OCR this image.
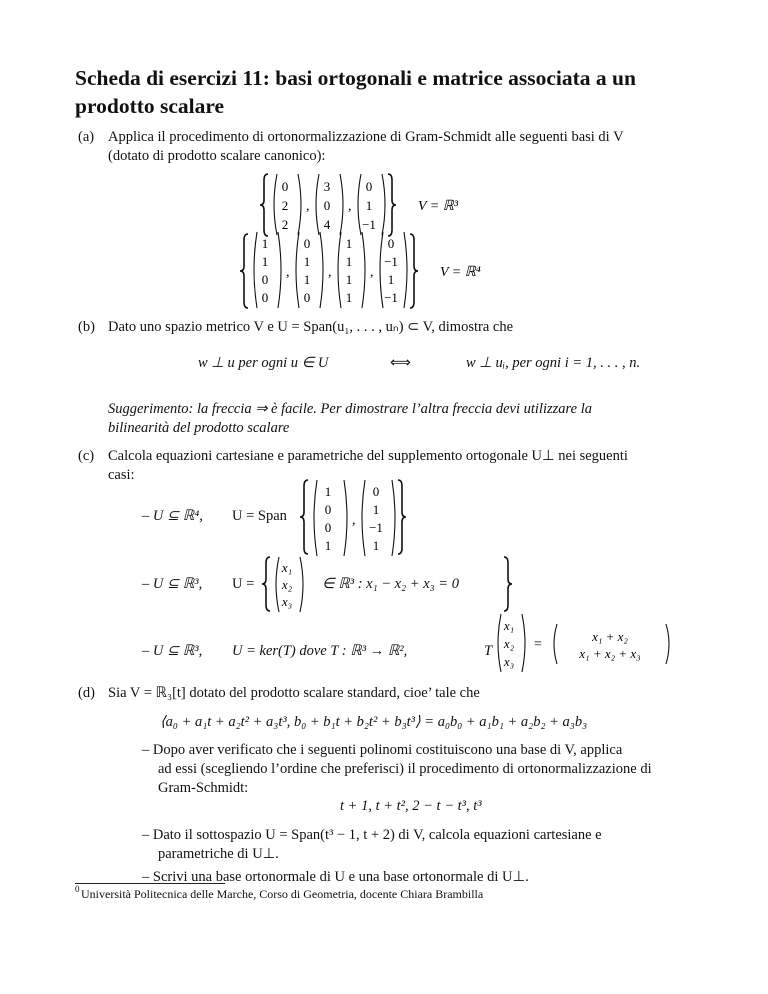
Scheda di esercizi 11: basi ortogonali e matrice associata a un prodotto scalare
(a) Applica il procedimento di ortonormalizzazione di Gram-Schmidt alle seguenti basi di V
(dotato di prodotto scalare canonico):
0
2
2
,
3
0
4
,
0
1
−1
V = ℝ³
1
1
0
0
,
0
1
1
0
,
1
1
1
1
,
0
−1
1
−1
V = ℝ⁴
(b) Dato uno spazio metrico V e U = Span(u₁, . . . , uₙ) ⊂ V, dimostra che
w ⊥ u per ogni u ∈ U	⟺	w ⊥ uᵢ, per ogni i = 1, . . . , n.
Suggerimento: la freccia ⇒ è facile. Per dimostrare l’altra freccia devi utilizzare la
bilinearità del prodotto scalare
(c) Calcola equazioni cartesiane e parametriche del supplemento ortogonale U⊥ nei seguenti
casi:
– U ⊆ ℝ⁴, U = Span
1
0
0
1
,
0
1
−1
1
– U ⊆ ℝ³, U =
x₁
x₂
x₃
∈ ℝ³ : x₁ − x₂ + x₃ = 0
– U ⊆ ℝ³, U = ker(T) dove T : ℝ³ → ℝ²,	T
x₁
x₂
x₃
=
x₁ + x₂
x₁ + x₂ + x₃
(d) Sia V = ℝ₃[t] dotato del prodotto scalare standard, cioe’ tale che
⟨a₀ + a₁t + a₂t² + a₃t³, b₀ + b₁t + b₂t² + b₃t³⟩ = a₀b₀ + a₁b₁ + a₂b₂ + a₃b₃
– Dopo aver verificato che i seguenti polinomi costituiscono una base di V, applica
ad essi (scegliendo l’ordine che preferisci) il procedimento di ortonormalizzazione di
Gram-Schmidt:
t + 1, t + t², 2 − t − t³, t³
– Dato il sottospazio U = Span(t³ − 1, t + 2) di V, calcola equazioni cartesiane e
parametriche di U⊥.
– Scrivi una base ortonormale di U e una base ortonormale di U⊥.
0 Università Politecnica delle Marche, Corso di Geometria, docente Chiara Brambilla
